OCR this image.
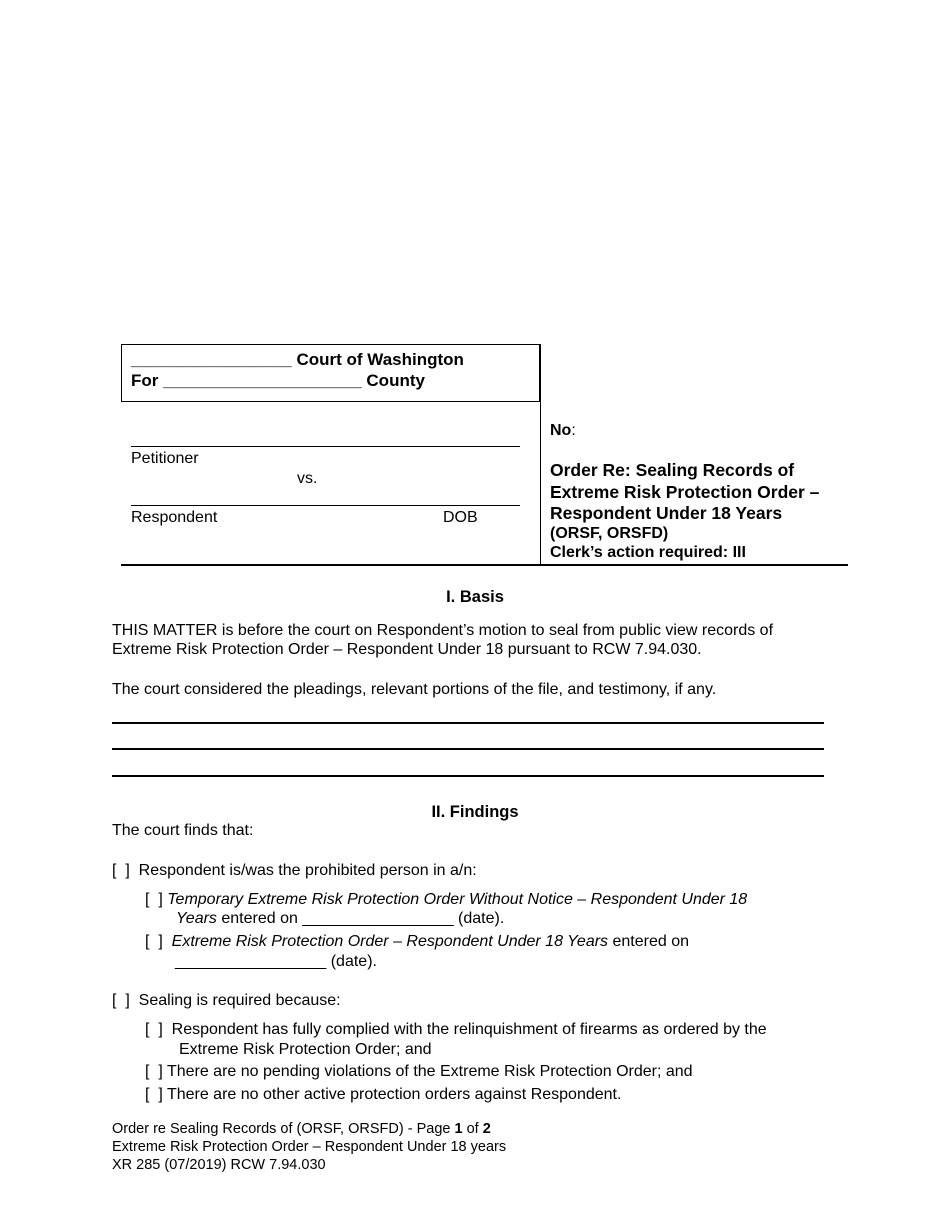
_________________ Court of Washington
For _____________________ County
Petitioner
vs.
Respondent	DOB
No:
Order Re: Sealing Records of
Extreme Risk Protection Order –
Respondent Under 18 Years
(ORSF, ORSFD)
Clerk’s action required: III
I. Basis
THIS MATTER is before the court on Respondent’s motion to seal from public view records of
Extreme Risk Protection Order – Respondent Under 18 pursuant to RCW 7.94.030.
The court considered the pleadings, relevant portions of the file, and testimony, if any.
II. Findings
The court finds that:
[  ] Respondent is/was the prohibited person in a/n:
[  ] Temporary Extreme Risk Protection Order Without Notice – Respondent Under 18
Years entered on _________________ (date).
[  ] Extreme Risk Protection Order – Respondent Under 18 Years entered on
_________________ (date).
[  ] Sealing is required because:
[  ] Respondent has fully complied with the relinquishment of firearms as ordered by the
Extreme Risk Protection Order; and
[  ] There are no pending violations of the Extreme Risk Protection Order; and
[  ] There are no other active protection orders against Respondent.
Order re Sealing Records of (ORSF, ORSFD) - Page 1 of 2
Extreme Risk Protection Order – Respondent Under 18 years
XR 285 (07/2019) RCW 7.94.030
